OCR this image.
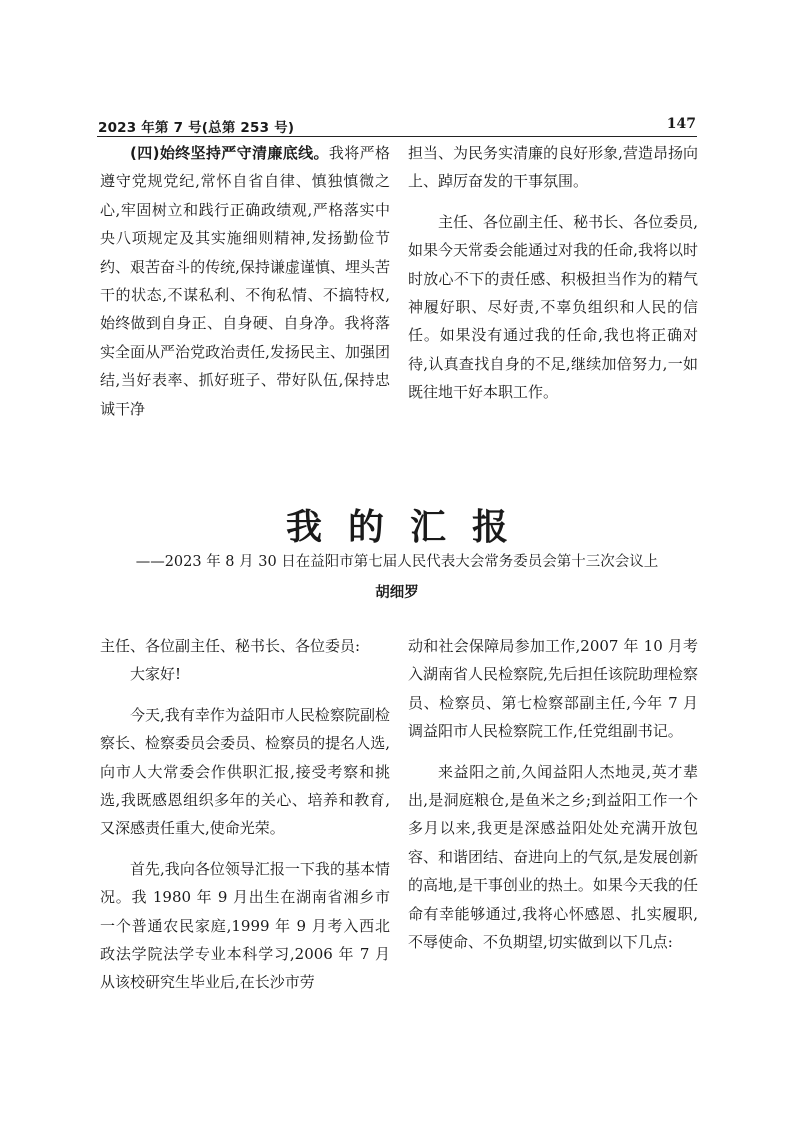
2023 年第 7 号(总第 253 号)	147

(四)始终坚持严守清廉底线。我将严格遵守党规党纪,常怀自省自律、慎独慎微之心,牢固树立和践行正确政绩观,严格落实中央八项规定及其实施细则精神,发扬勤俭节约、艰苦奋斗的传统,保持谦虚谨慎、埋头苦干的状态,不谋私利、不徇私情、不搞特权,始终做到自身正、自身硬、自身净。我将落实全面从严治党政治责任,发扬民主、加强团结,当好表率、抓好班子、带好队伍,保持忠诚干净

担当、为民务实清廉的良好形象,营造昂扬向上、踔厉奋发的干事氛围。

主任、各位副主任、秘书长、各位委员,如果今天常委会能通过对我的任命,我将以时时放心不下的责任感、积极担当作为的精气神履好职、尽好责,不辜负组织和人民的信任。如果没有通过我的任命,我也将正确对待,认真查找自身的不足,继续加倍努力,一如既往地干好本职工作。

我的汇报
——2023 年 8 月 30 日在益阳市第七届人民代表大会常务委员会第十三次会议上
胡细罗

主任、各位副主任、秘书长、各位委员:

大家好!

今天,我有幸作为益阳市人民检察院副检察长、检察委员会委员、检察员的提名人选,向市人大常委会作供职汇报,接受考察和挑选,我既感恩组织多年的关心、培养和教育,又深感责任重大,使命光荣。

首先,我向各位领导汇报一下我的基本情况。我 1980 年 9 月出生在湖南省湘乡市一个普通农民家庭,1999 年 9 月考入西北政法学院法学专业本科学习,2006 年 7 月从该校研究生毕业后,在长沙市劳

动和社会保障局参加工作,2007 年 10 月考入湖南省人民检察院,先后担任该院助理检察员、检察员、第七检察部副主任,今年 7 月调益阳市人民检察院工作,任党组副书记。

来益阳之前,久闻益阳人杰地灵,英才辈出,是洞庭粮仓,是鱼米之乡;到益阳工作一个多月以来,我更是深感益阳处处充满开放包容、和谐团结、奋进向上的气氛,是发展创新的高地,是干事创业的热土。如果今天我的任命有幸能够通过,我将心怀感恩、扎实履职,不辱使命、不负期望,切实做到以下几点:
